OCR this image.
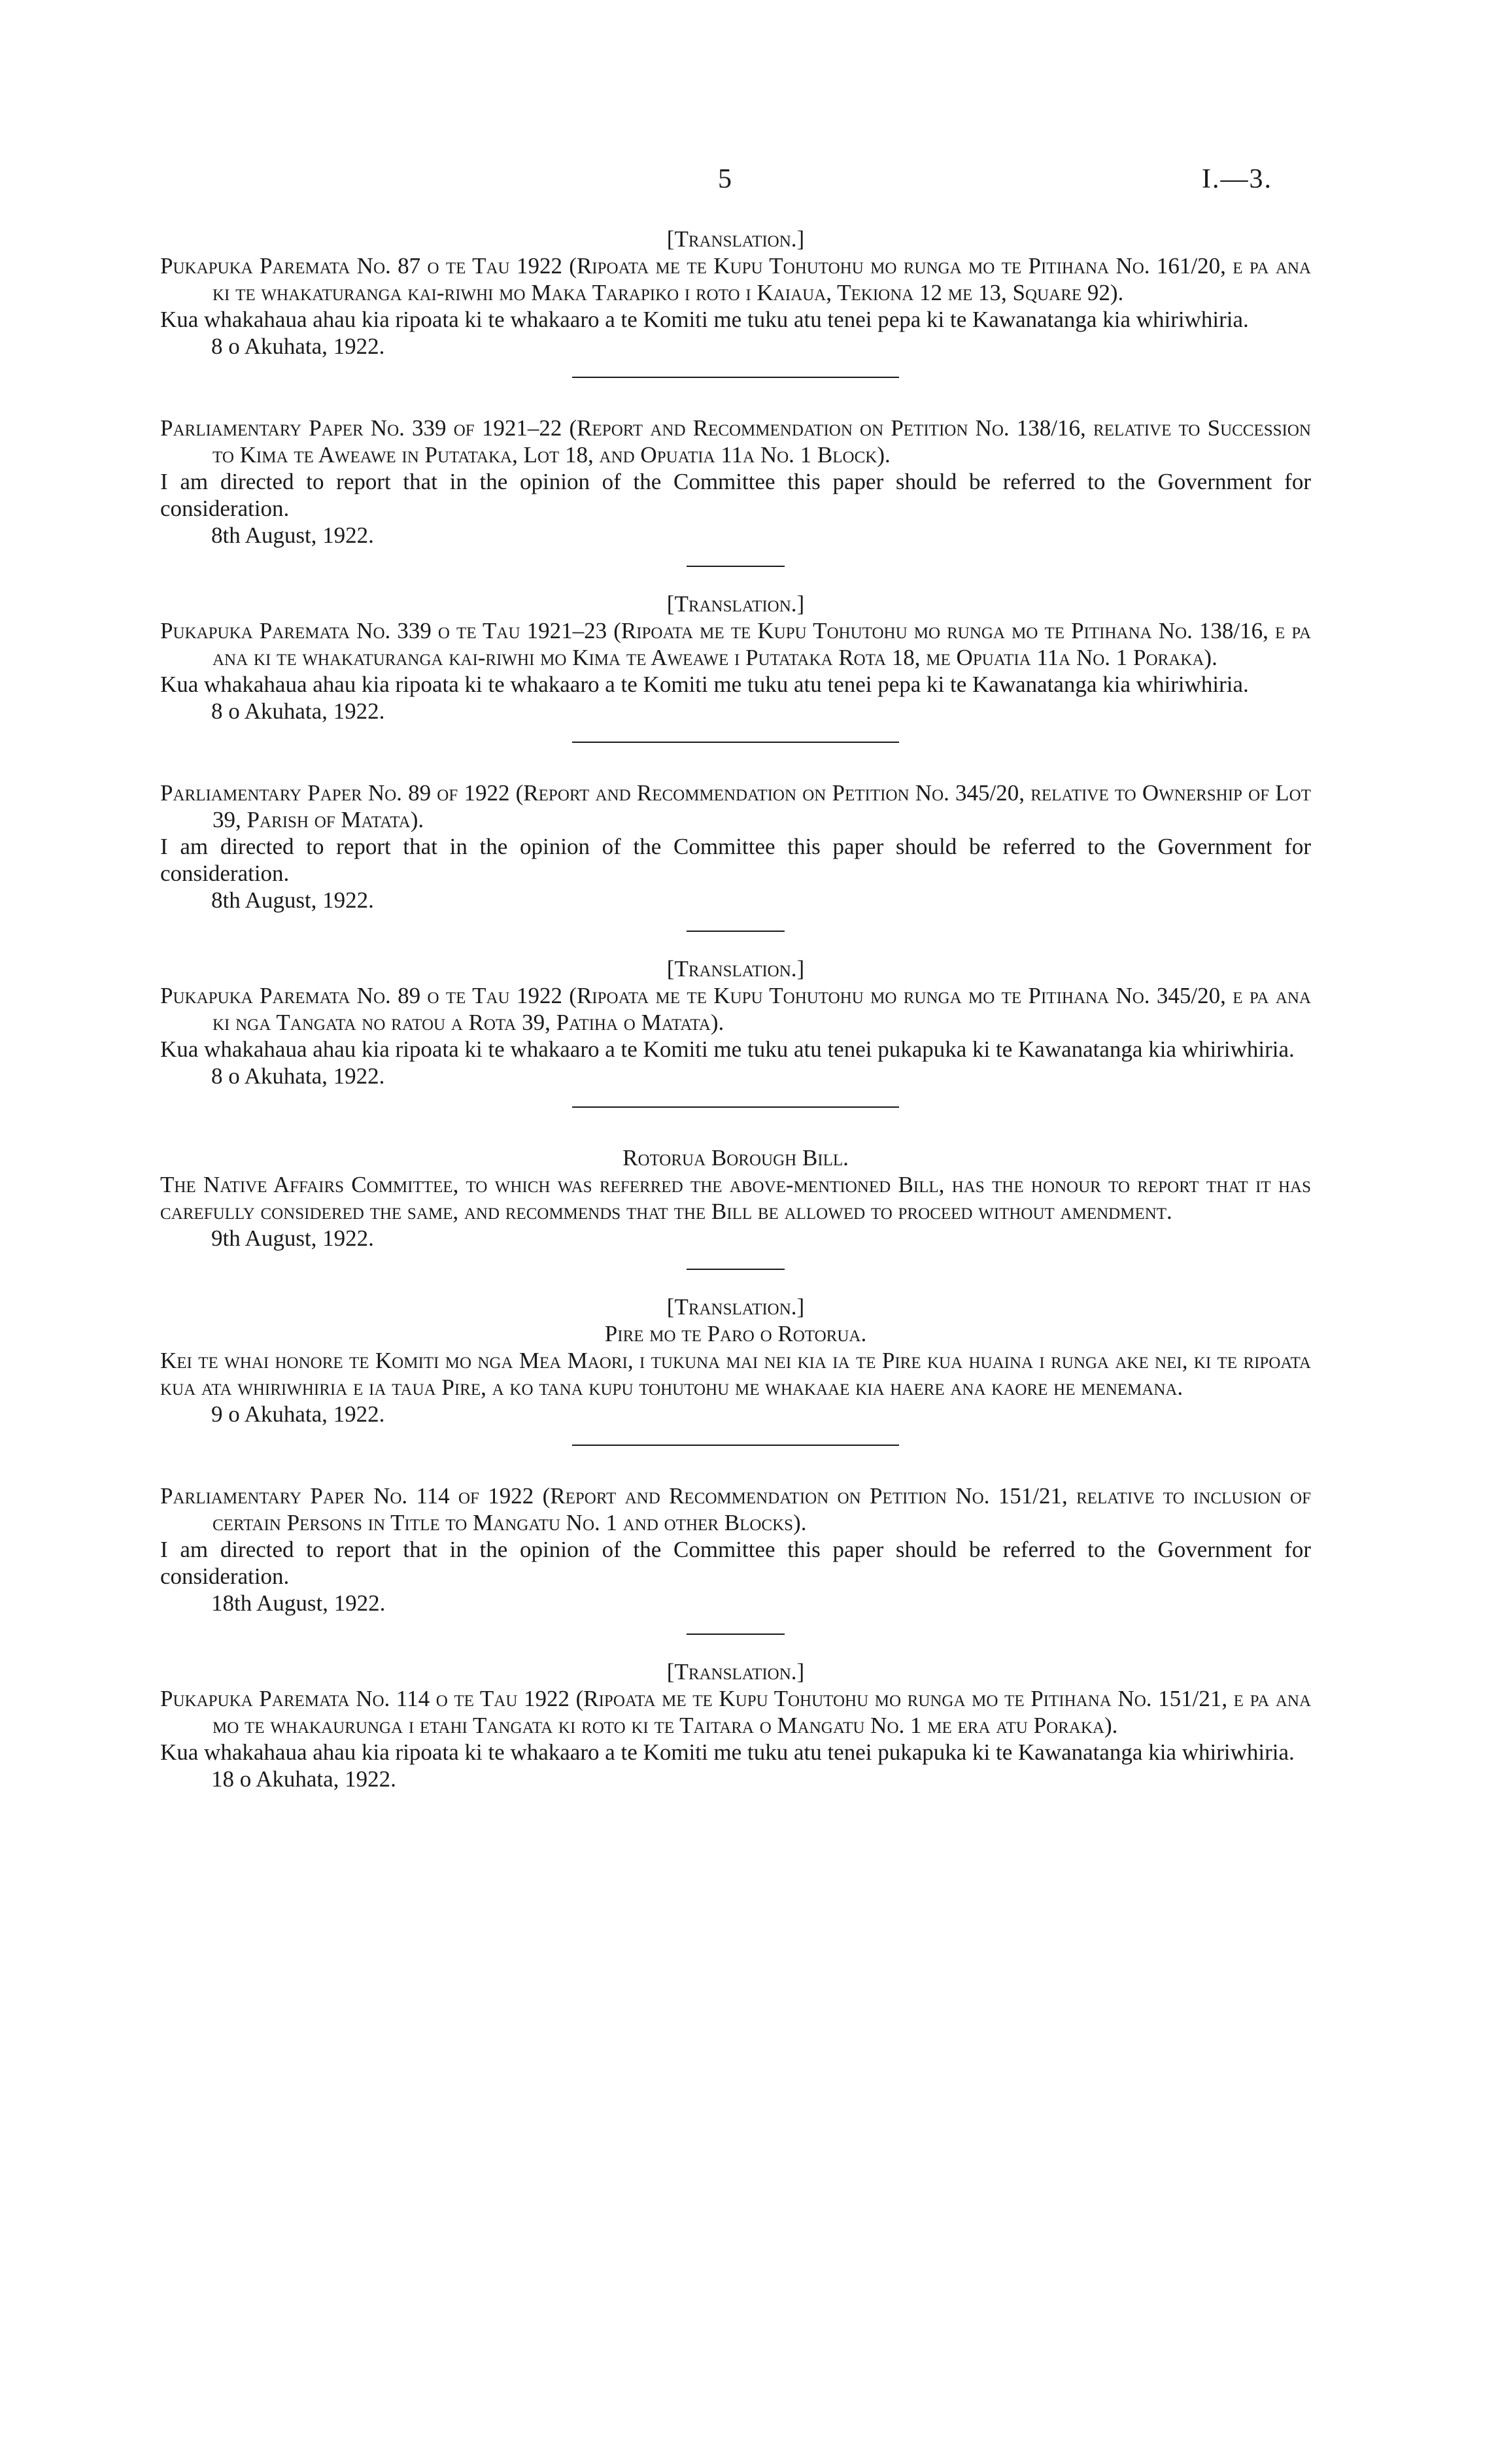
5	I.—3.

[Translation.]

Pukapuka Paremata No. 87 o te Tau 1922 (Ripoata me te Kupu Tohutohu mo runga mo te Pitihana No. 161/20, e pa ana ki te whakaturanga kai-riwhi mo Maka Tarapiko i roto i Kaiaua, Tekiona 12 me 13, Square 92).

Kua whakahaua ahau kia ripoata ki te whakaaro a te Komiti me tuku atu tenei pepa ki te Kawanatanga kia whiriwhiria.

8 o Akuhata, 1922.

Parliamentary Paper No. 339 of 1921–22 (Report and Recommendation on Petition No. 138/16, relative to Succession to Kima te Aweawe in Putataka, Lot 18, and Opuatia 11a No. 1 Block).

I am directed to report that in the opinion of the Committee this paper should be referred to the Government for consideration.

8th August, 1922.

[Translation.]

Pukapuka Paremata No. 339 o te Tau 1921–23 (Ripoata me te Kupu Tohutohu mo runga mo te Pitihana No. 138/16, e pa ana ki te whakaturanga kai-riwhi mo Kima te Aweawe i Putataka Rota 18, me Opuatia 11a No. 1 Poraka).

Kua whakahaua ahau kia ripoata ki te whakaaro a te Komiti me tuku atu tenei pepa ki te Kawanatanga kia whiriwhiria.

8 o Akuhata, 1922.

Parliamentary Paper No. 89 of 1922 (Report and Recommendation on Petition No. 345/20, relative to Ownership of Lot 39, Parish of Matata).

I am directed to report that in the opinion of the Committee this paper should be referred to the Government for consideration.

8th August, 1922.

[Translation.]

Pukapuka Paremata No. 89 o te Tau 1922 (Ripoata me te Kupu Tohutohu mo runga mo te Pitihana No. 345/20, e pa ana ki nga Tangata no ratou a Rota 39, Patiha o Matata).

Kua whakahaua ahau kia ripoata ki te whakaaro a te Komiti me tuku atu tenei pukapuka ki te Kawanatanga kia whiriwhiria.

8 o Akuhata, 1922.

Rotorua Borough Bill.

The Native Affairs Committee, to which was referred the above-mentioned Bill, has the honour to report that it has carefully considered the same, and recommends that the Bill be allowed to proceed without amendment.

9th August, 1922.

[Translation.]

Pire mo te Paro o Rotorua.

Kei te whai honore te Komiti mo nga Mea Maori, i tukuna mai nei kia ia te Pire kua huaina i runga ake nei, ki te ripoata kua ata whiriwhiria e ia taua Pire, a ko tana kupu tohutohu me whakaae kia haere ana kaore he menemana.

9 o Akuhata, 1922.

Parliamentary Paper No. 114 of 1922 (Report and Recommendation on Petition No. 151/21, relative to inclusion of certain Persons in Title to Mangatu No. 1 and other Blocks).

I am directed to report that in the opinion of the Committee this paper should be referred to the Government for consideration.

18th August, 1922.

[Translation.]

Pukapuka Paremata No. 114 o te Tau 1922 (Ripoata me te Kupu Tohutohu mo runga mo te Pitihana No. 151/21, e pa ana mo te whakaurunga i etahi Tangata ki roto ki te Taitara o Mangatu No. 1 me era atu Poraka).

Kua whakahaua ahau kia ripoata ki te whakaaro a te Komiti me tuku atu tenei pukapuka ki te Kawanatanga kia whiriwhiria.

18 o Akuhata, 1922.
